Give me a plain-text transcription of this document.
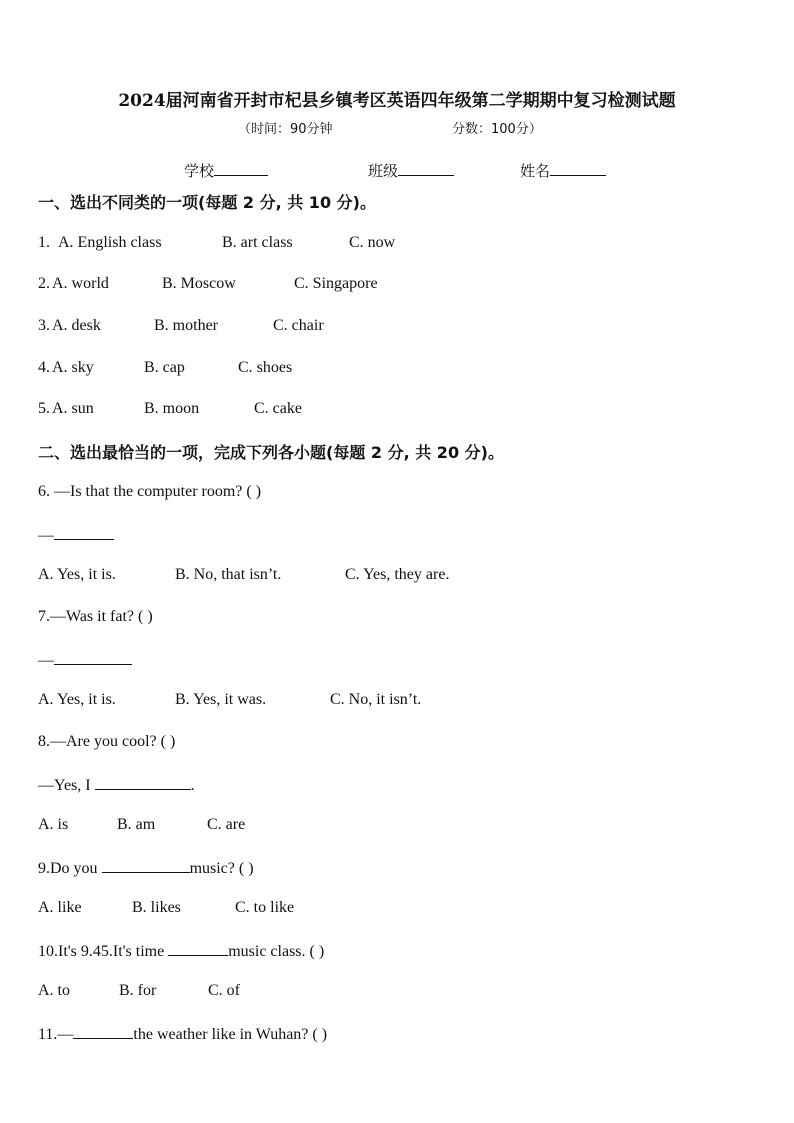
2024届河南省开封市杞县乡镇考区英语四年级第二学期期中复习检测试题
（时间：90分钟	分数：100分）
学校	班级	姓名
一、选出不同类的一项(每题 2 分, 共 10 分)。
1. A. English class	B. art class	C. now
2. A. world	B. Moscow	C. Singapore
3. A. desk	B. mother	C. chair
4. A. sky	B. cap	C. shoes
5. A. sun	B. moon	C. cake
二、选出最恰当的一项，完成下列各小题(每题 2 分, 共 20 分)。
6. —Is that the computer room? ( )
—
A. Yes, it is.	B. No, that isn’t.	C. Yes, they are.
7.—Was it fat? ( )
—
A. Yes, it is.	B. Yes, it was.	C. No, it isn’t.
8.—Are you cool? ( )
—Yes, I	.
A. is	B. am	C. are
9.Do you	music? ( )
A. like	B. likes	C. to like
10.It's 9.45.It's time	music class. ( )
A. to	B. for	C. of
11.—	the weather like in Wuhan? ( )
